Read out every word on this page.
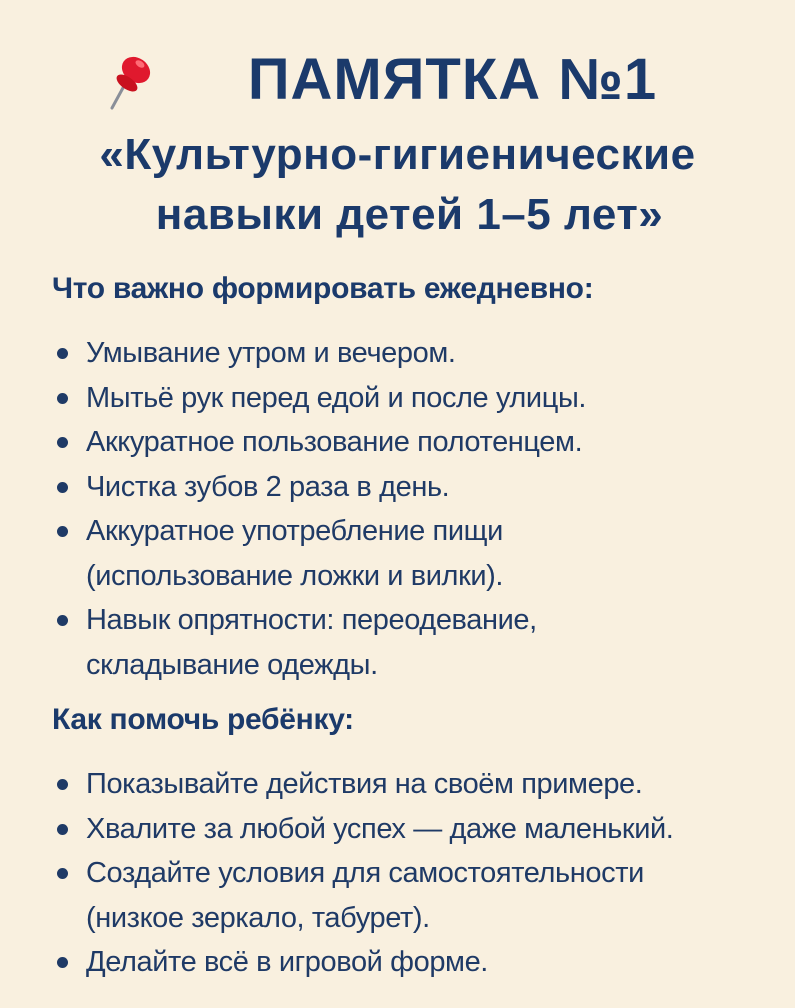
ПАМЯТКА №1
«Культурно-гигиенические
навыки детей 1–5 лет»
Что важно формировать ежедневно:
Умывание утром и вечером.
Мытьё рук перед едой и после улицы.
Аккуратное пользование полотенцем.
Чистка зубов 2 раза в день.
Аккуратное употребление пищи
(использование ложки и вилки).
Навык опрятности: переодевание,
складывание одежды.
Как помочь ребёнку:
Показывайте действия на своём примере.
Хвалите за любой успех — даже маленький.
Создайте условия для самостоятельности
(низкое зеркало, табурет).
Делайте всё в игровой форме.
